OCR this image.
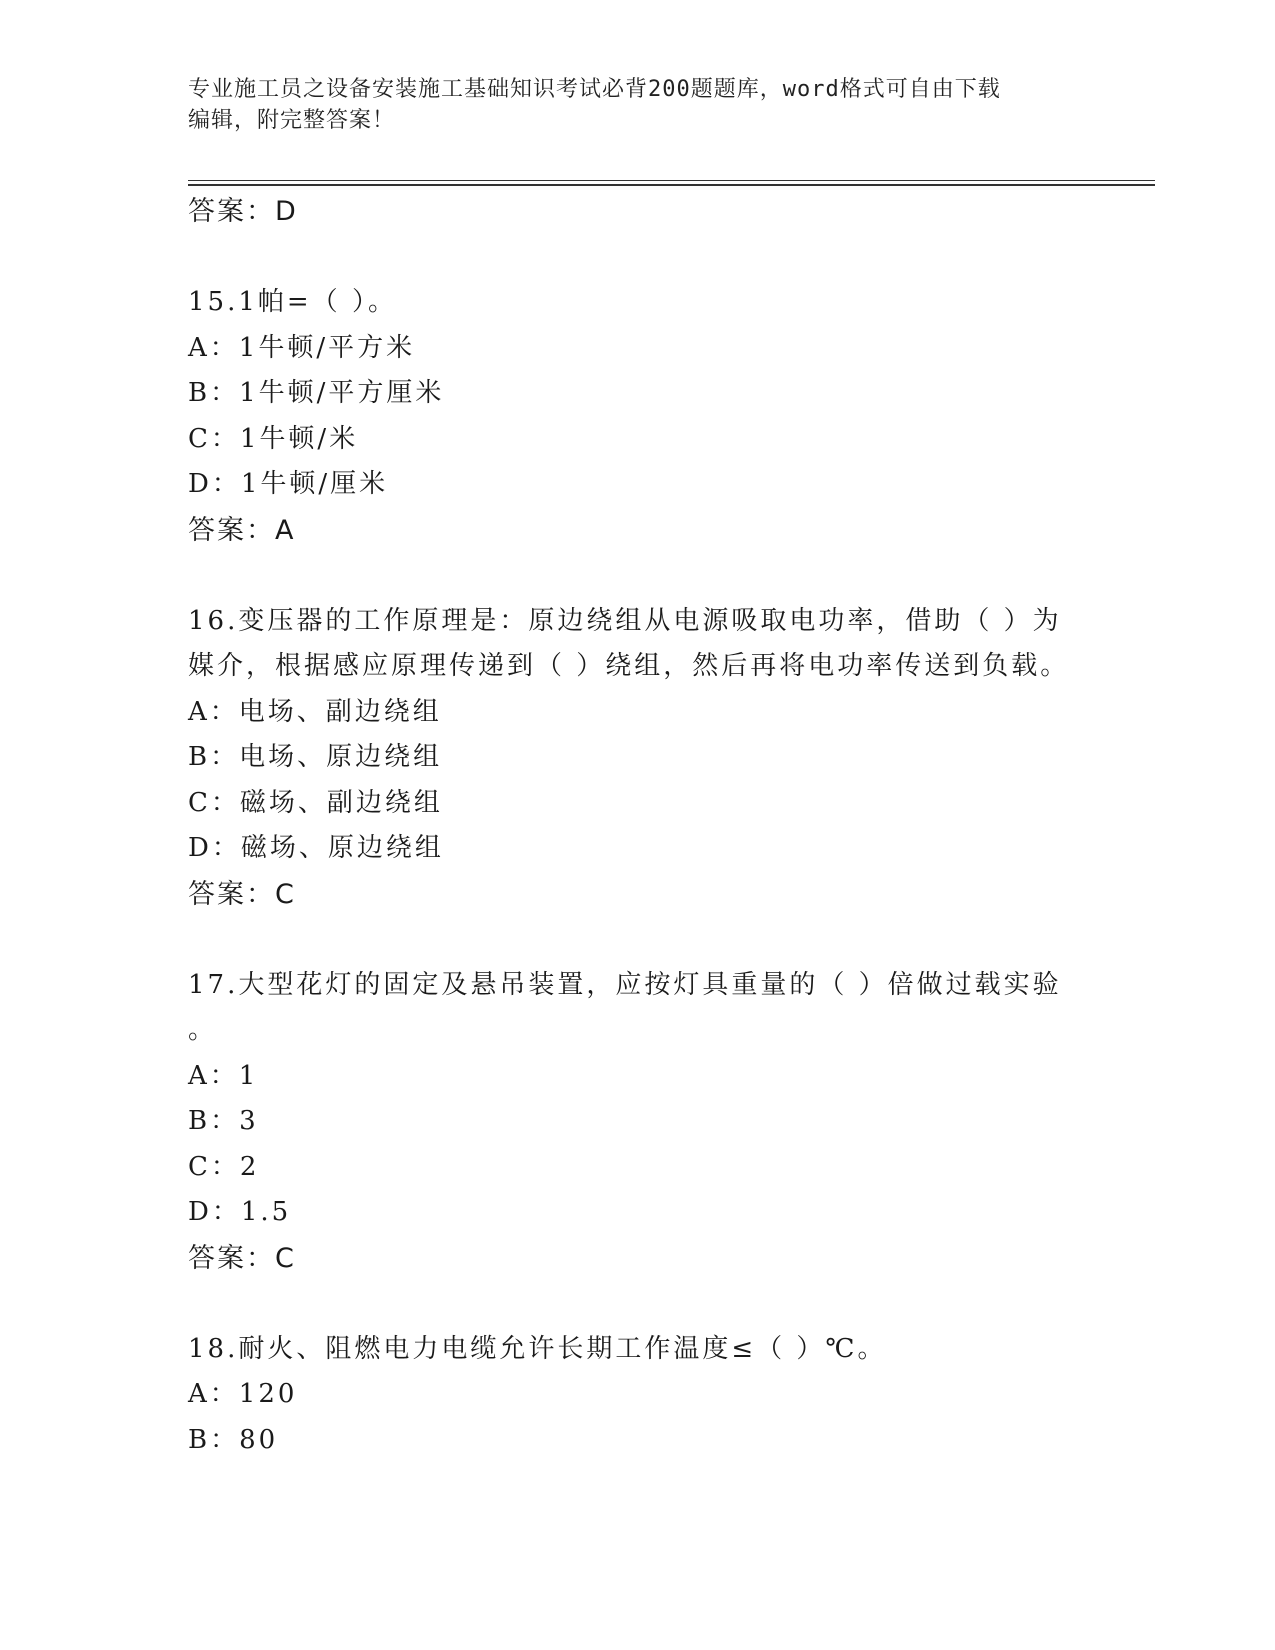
专业施工员之设备安装施工基础知识考试必背200题题库，word格式可自由下载
编辑，附完整答案！
答案：D
15.1帕=（ ）。
A：1牛顿/平方米
B：1牛顿/平方厘米
C：1牛顿/米
D：1牛顿/厘米
答案：A
16.变压器的工作原理是：原边绕组从电源吸取电功率，借助（ ）为
媒介，根据感应原理传递到（ ）绕组，然后再将电功率传送到负载。
A：电场、副边绕组
B：电场、原边绕组
C：磁场、副边绕组
D：磁场、原边绕组
答案：C
17.大型花灯的固定及悬吊装置，应按灯具重量的（ ）倍做过载实验
。
A：1
B：3
C：2
D：1.5
答案：C
18.耐火、阻燃电力电缆允许长期工作温度≤（ ）℃。
A：120
B：80
